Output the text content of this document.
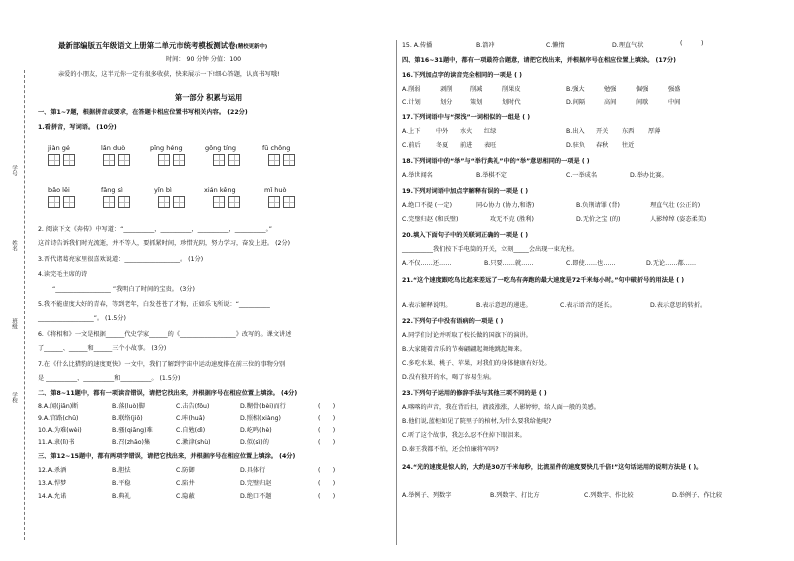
学号
姓名
班级
学校
最新部编版五年级语文上册第二单元市统考模板测试卷(精校更新中)
时间： 90 分钟 分值：100
亲爱的小朋友，这半元你一定有很多收获，快来展示一下!细心答题，认真书写哦!
第一部分 积累与运用
一、第1~7题，根据拼音或要求，在答题卡相应位置书写相关内容。 (22分)
1.看拼音，写词语。 (10分)
jiàn gé	lǎn duò	pīng héng	gōng tíng	fū chōng
bǎo lěi	fǎng sì	yǐn bì	xián kěng	mǐ huò
2. 阅读下文《奔传》中写道：“__________，__________，__________，__________。”
这首诗告诉我们时光流逝，并不等人，要抓紧时间，珍惜光阴，努力学习，奋发上进。 (2分)
3.晋代诸葛亮家里很喜欢说道：__________________。 (1分)
4.读完毛主席的诗
“__________________ ”我明白了时间的宝贵。 (3分)
5.我不能虚度大好的青春，等到老年，白发苍苍了才悔，正如乐飞所说：“__________
__________________”。 (1.5分)
6.《将相和》一文是根据______代史学家______的《__________________》改写的。课文讲述
了______、______和______三个小故事。 (3分)
7.在《什么比猎豹的速度更快》一文中，我们了解到宇宙中运动速度排在前三位的事物分别
是 __________、__________和__________。 (1.5分)
二、第8~11题中，都有一项读音错误，请把它找出来，并根据序号在相应位置上填涂。 (4分)
8.A.闻(jiān)断	B.落(luò)脚	C.击告(fōu)	D.糊骨(bèi)而行	(　　)
9.A.宫路(chū)	B.联络(jiǒ)	C.咔(huā)	D.照相(xiàng)	(　　)
10.A.为难(wèi)	B.骚(qiāng)难	C.自勉(dì)	D.屹鸣(hè)	(　　)
11.A.隶(lì)书	B.召(zhāo)集	C.漱津(shù)	D.似(sì)的	(　　)
三、第12~15题中，都有两项字错误，请把它找出来，并根据序号在相应位置上填涂。 (4分)
12.A.杀酒	B.胆怯	C.防御	D.具体行	(　　)
13.A.悍梦	B.平稳	C.陷井	D.完璧归赵	(　　)
14.A.允诺	B.典礼	C.隐蔽	D.绝口不题	(　　)
15. A.传播	B.箭冲	C.懒惰	D.理直气状	(　　　)
四、第16~31题中，都有一项最符合题意，请把它找出来，并根据序号在相应位置上填涂。 (17分)
16.下列加点字的读音完全相同的一项是 ( )
A.削弱	剥削	削减	削果皮	B.强大	勉强	倔强	强盛
C.计划	划分	策划	划时代	D.间隔	高间	间歇	中间
17.下列词语中与“深浅”一词相似的一组是 ( )
A.上下	中外 水火 红绿	B.出入 开关 东西 厚薄
C.前后 冬夏 前进 表旺	D.驻负 春秋 往近
18.下列词语中的“举”与“举行典礼”中的“举”意思相同的一项是 ( )
A.举世闻名	B.举棋不定	C.一举成名	D.举办比赛。
19.下列对词语中加点字解释有误的一项是 ( )
A.绝口不提 (一定)	同心协力 (协力,和谐)	B.负荆请罪 (背)	理直气壮 (公正的)
C.完璧归赵 (和氏璧)	攻无不克 (胜利)	D.无价之宝 (的)	人影绰绰 (姿态柔美)
20.填入下面句子中的关联词正确的一项是 ( )
__________我们按下手电筒的开关，立刻_____会出现一束光柱。
A.不仅……还……	B.只要……就……	C.即使……也……	D.无论……都……
21.“这个速度跟吃鸟比起来差远了一吃鸟有奔跑的最大速度是72千米每小时。”句中破折号的用法是 ( )
A.表示解释说明。	B.表示意思的递进。	C.表示语音的延长。	D.表示意思的转折。
22.下列句子中没有语病的一项是 ( )
A.同学们讨论并听取了校长做的国旗下的演讲。
B.大家随着音乐的节奏翩翩起舞地跳起舞来。
C.多吃水果、桃子、苹果，对我们的身体健康有好处。
D.没有独开的水，喝了容易生病。
23.下列句子运用的修辞手法与其他三项不同的是 ( )
A.喀喀的声音，我在背后扫，液波涨涨，人影婷婷，给人面一般的美感。
B.他们说,蓝柜如见了院里子的棺材,为什么要我给他呢?
C.听了这个故事，我怎么忍不住掉下眼泪来。
D.秦王我都不怕，还会怕廉将军吗?
24.“光的速度是惊人的，大约是30万千米每秒，比流星件的速度要快几千倍!”这句话运用的说明方法是 ( )。
A.举例子、列数字	B.列数字、打比方	C.列数字、作比较	D.举例子、作比较
